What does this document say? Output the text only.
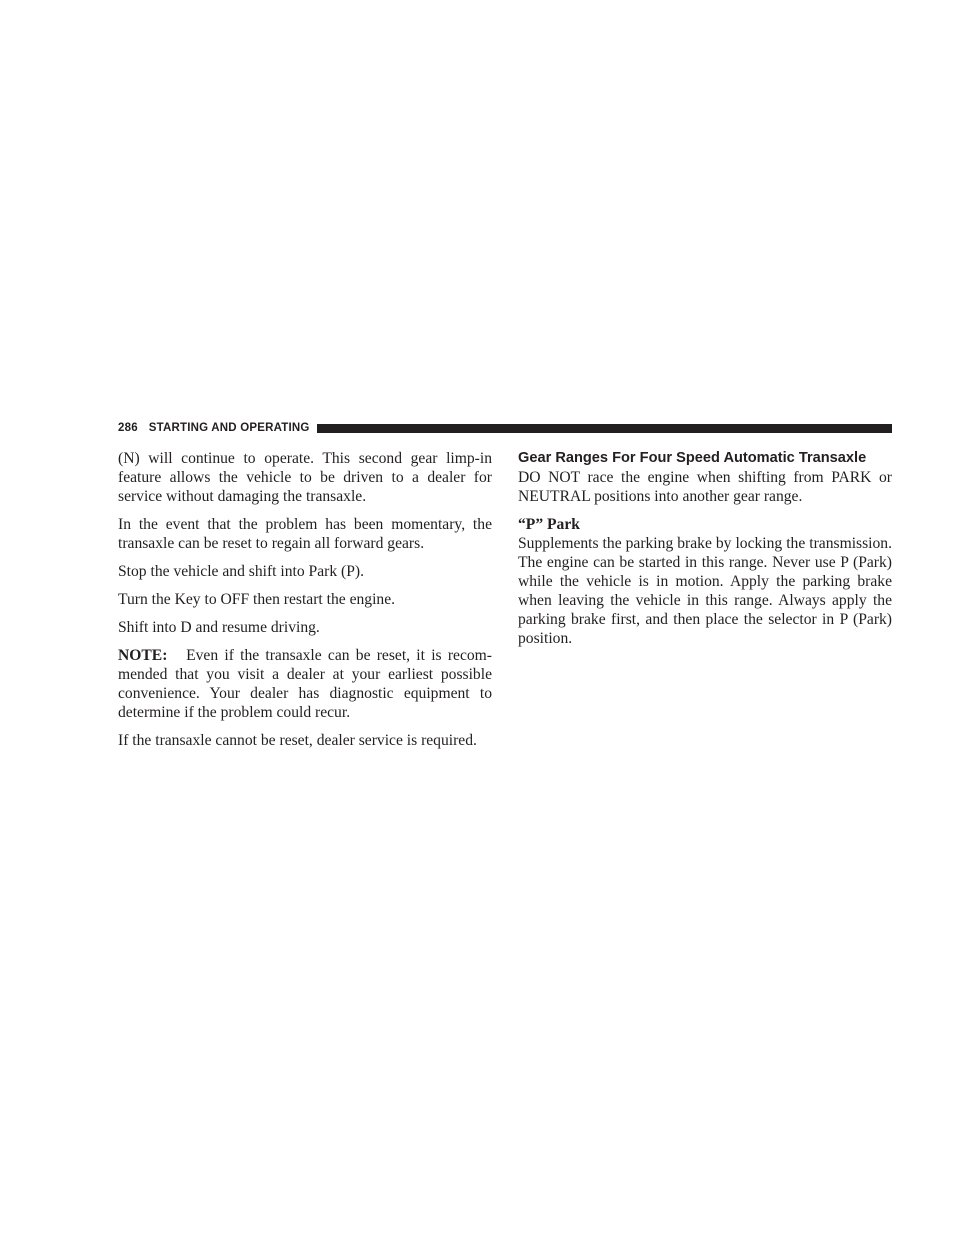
286 STARTING AND OPERATING

(N) will continue to operate. This second gear limp-in feature allows the vehicle to be driven to a dealer for service without damaging the transaxle.

In the event that the problem has been momentary, the transaxle can be reset to regain all forward gears.

Stop the vehicle and shift into Park (P).

Turn the Key to OFF then restart the engine.

Shift into D and resume driving.

NOTE: Even if the transaxle can be reset, it is recommended that you visit a dealer at your earliest possible convenience. Your dealer has diagnostic equipment to determine if the problem could recur.

If the transaxle cannot be reset, dealer service is required.

Gear Ranges For Four Speed Automatic Transaxle

DO NOT race the engine when shifting from PARK or NEUTRAL positions into another gear range.

“P” Park

Supplements the parking brake by locking the transmission. The engine can be started in this range. Never use P (Park) while the vehicle is in motion. Apply the parking brake when leaving the vehicle in this range. Always apply the parking brake first, and then place the selector in P (Park) position.
